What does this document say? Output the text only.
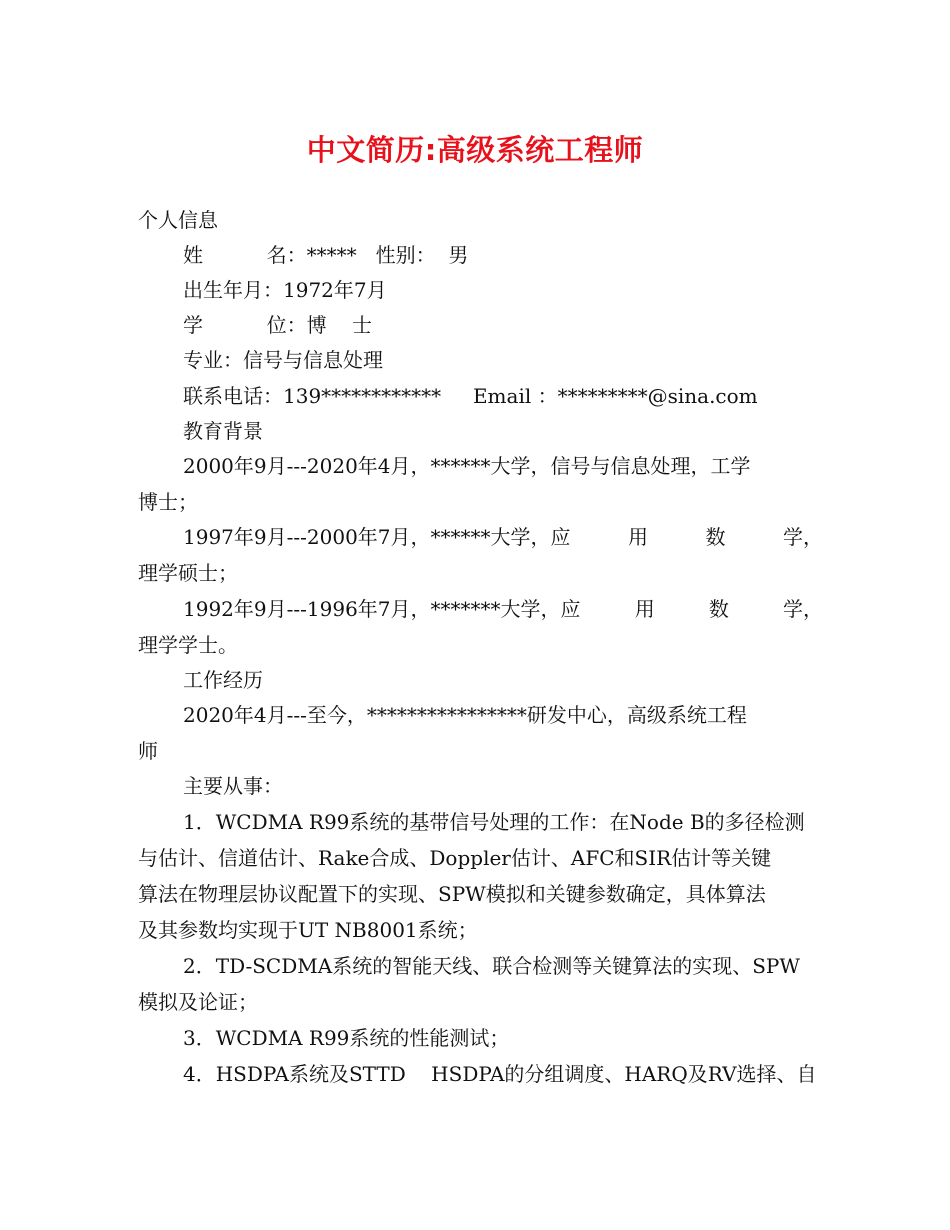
中文简历:高级系统工程师
个人信息
姓          名：*****   性别：  男
出生年月：1972年7月
学          位：博    士
专业：信号与信息处理
联系电话：139************     Email ：*********@sina.com
教育背景
2000年9月---2020年4月，******大学，信号与信息处理，工学
博士；
1997年9月---2000年7月，******大学，应	用	数	学，
理学硕士；
1992年9月---1996年7月，*******大学，应	用	数	学，
理学学士。
工作经历
2020年4月---至今，****************研发中心，高级系统工程
师
主要从事：
1．WCDMA R99系统的基带信号处理的工作：在Node B的多径检测
与估计、信道估计、Rake合成、Doppler估计、AFC和SIR估计等关键
算法在物理层协议配置下的实现、SPW模拟和关键参数确定，具体算法
及其参数均实现于UT NB8001系统；
2．TD-SCDMA系统的智能天线、联合检测等关键算法的实现、SPW
模拟及论证；
3．WCDMA R99系统的性能测试；
4．HSDPA系统及STTD    HSDPA的分组调度、HARQ及RV选择、自
